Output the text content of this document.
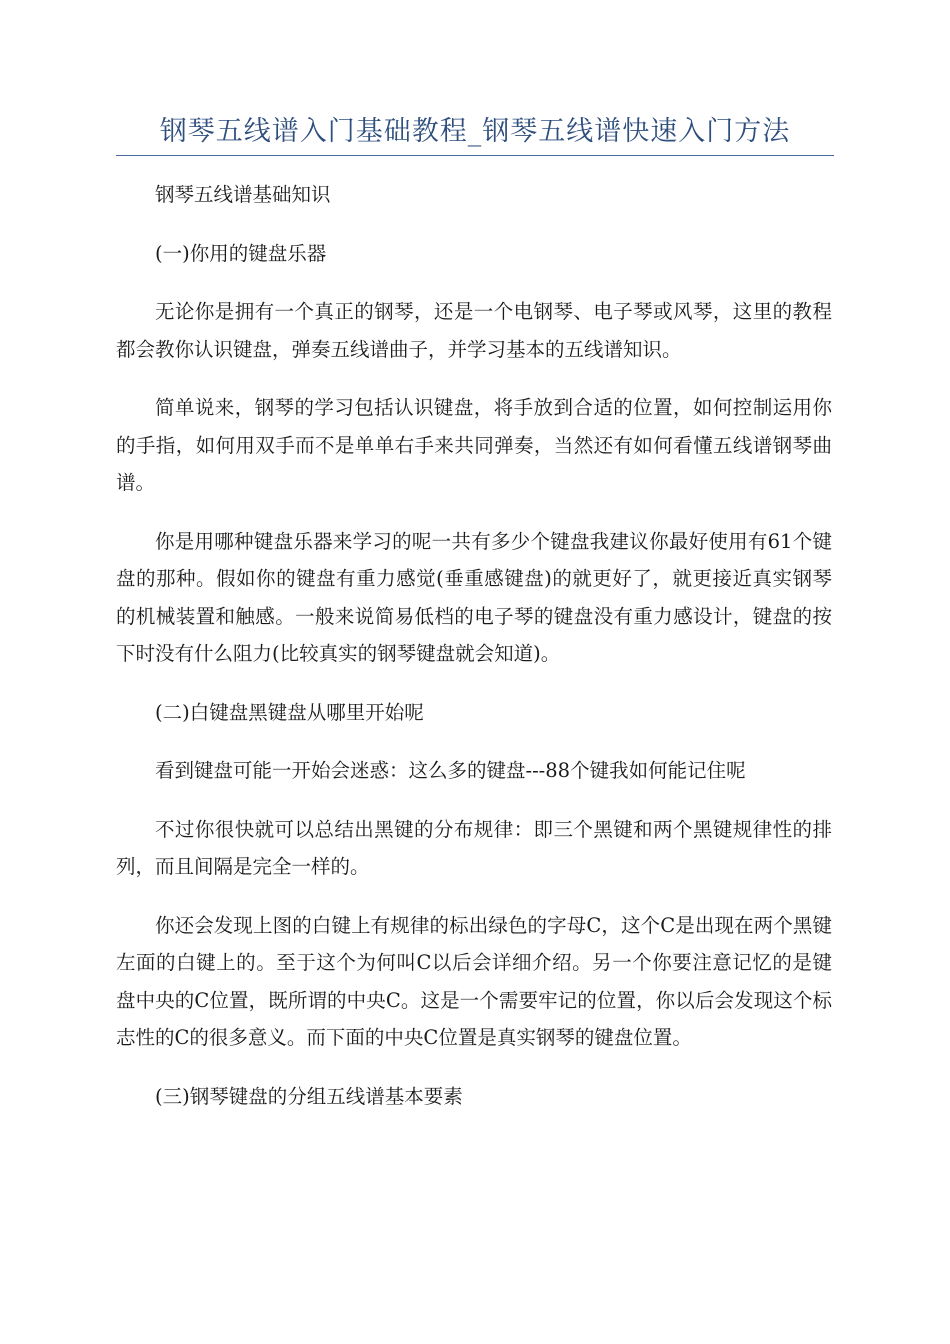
钢琴五线谱入门基础教程_钢琴五线谱快速入门方法

钢琴五线谱基础知识

(一)你用的键盘乐器

无论你是拥有一个真正的钢琴，还是一个电钢琴、电子琴或风琴，这里的教程都会教你认识键盘，弹奏五线谱曲子，并学习基本的五线谱知识。

简单说来，钢琴的学习包括认识键盘，将手放到合适的位置，如何控制运用你的手指，如何用双手而不是单单右手来共同弹奏，当然还有如何看懂五线谱钢琴曲谱。

你是用哪种键盘乐器来学习的呢一共有多少个键盘我建议你最好使用有61个键盘的那种。假如你的键盘有重力感觉(垂重感键盘)的就更好了，就更接近真实钢琴的机械装置和触感。一般来说简易低档的电子琴的键盘没有重力感设计，键盘的按下时没有什么阻力(比较真实的钢琴键盘就会知道)。

(二)白键盘黑键盘从哪里开始呢

看到键盘可能一开始会迷惑：这么多的键盘---88个键我如何能记住呢

不过你很快就可以总结出黑键的分布规律：即三个黑键和两个黑键规律性的排列，而且间隔是完全一样的。

你还会发现上图的白键上有规律的标出绿色的字母C，这个C是出现在两个黑键左面的白键上的。至于这个为何叫C以后会详细介绍。另一个你要注意记忆的是键盘中央的C位置，既所谓的中央C。这是一个需要牢记的位置，你以后会发现这个标志性的C的很多意义。而下面的中央C位置是真实钢琴的键盘位置。

(三)钢琴键盘的分组五线谱基本要素
